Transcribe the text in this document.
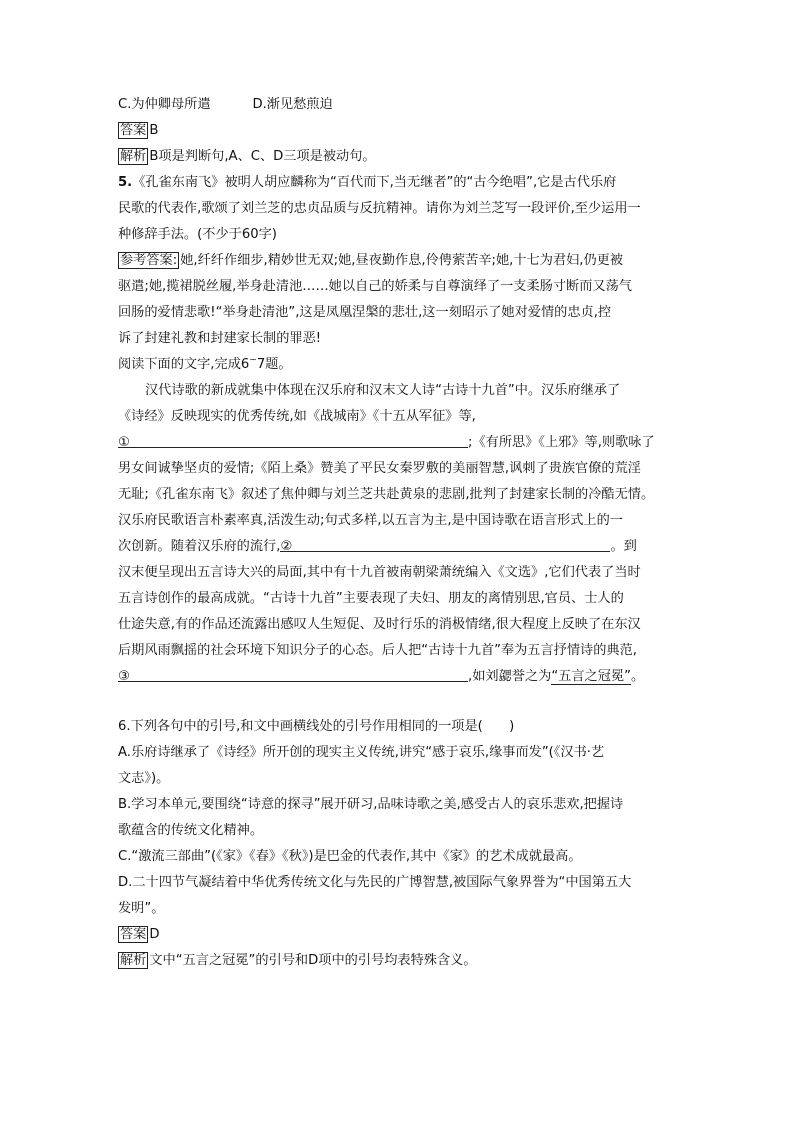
C.为仲卿母所遣	D.渐见愁煎迫
答案 B
解析 B项是判断句,A、C、D三项是被动句。
5.《孔雀东南飞》被明人胡应麟称为“百代而下,当无继者”的“古今绝唱”,它是古代乐府
民歌的代表作,歌颂了刘兰芝的忠贞品质与反抗精神。请你为刘兰芝写一段评价,至少运用一
种修辞手法。(不少于60字)
参考答案: 她,纤纤作细步,精妙世无双;她,昼夜勤作息,伶俜萦苦辛;她,十七为君妇,仍更被
驱遣;她,揽裙脱丝履,举身赴清池……她以自己的娇柔与自尊演绎了一支柔肠寸断而又荡气
回肠的爱情悲歌!“举身赴清池”,这是凤凰涅槃的悲壮,这一刻昭示了她对爱情的忠贞,控
诉了封建礼教和封建家长制的罪恶!
阅读下面的文字,完成6~7题。
汉代诗歌的新成就集中体现在汉乐府和汉末文人诗“古诗十九首”中。汉乐府继承了
《诗经》反映现实的优秀传统,如《战城南》《十五从军征》等,
①	;《有所思》《上邪》等,则歌咏了
男女间诚挚坚贞的爱情;《陌上桑》赞美了平民女秦罗敷的美丽智慧,讽刺了贵族官僚的荒淫
无耻;《孔雀东南飞》叙述了焦仲卿与刘兰芝共赴黄泉的悲剧,批判了封建家长制的冷酷无情。
汉乐府民歌语言朴素率真,活泼生动;句式多样,以五言为主,是中国诗歌在语言形式上的一
次创新。随着汉乐府的流行,②	。到
汉末便呈现出五言诗大兴的局面,其中有十九首被南朝梁萧统编入《文选》,它们代表了当时
五言诗创作的最高成就。“古诗十九首”主要表现了夫妇、朋友的离情别思,官员、士人的
仕途失意,有的作品还流露出感叹人生短促、及时行乐的消极情绪,很大程度上反映了在东汉
后期风雨飘摇的社会环境下知识分子的心态。后人把“古诗十九首”奉为五言抒情诗的典范,
③	,如刘勰誉之为“五言之冠冕”。
6.下列各句中的引号,和文中画横线处的引号作用相同的一项是(　　)
A.乐府诗继承了《诗经》所开创的现实主义传统,讲究“感于哀乐,缘事而发”(《汉书·艺
文志》)。
B.学习本单元,要围绕“诗意的探寻”展开研习,品味诗歌之美,感受古人的哀乐悲欢,把握诗
歌蕴含的传统文化精神。
C.“激流三部曲”(《家》《春》《秋》)是巴金的代表作,其中《家》的艺术成就最高。
D.二十四节气凝结着中华优秀传统文化与先民的广博智慧,被国际气象界誉为“中国第五大
发明”。
答案 D
解析 文中“五言之冠冕”的引号和D项中的引号均表特殊含义。
